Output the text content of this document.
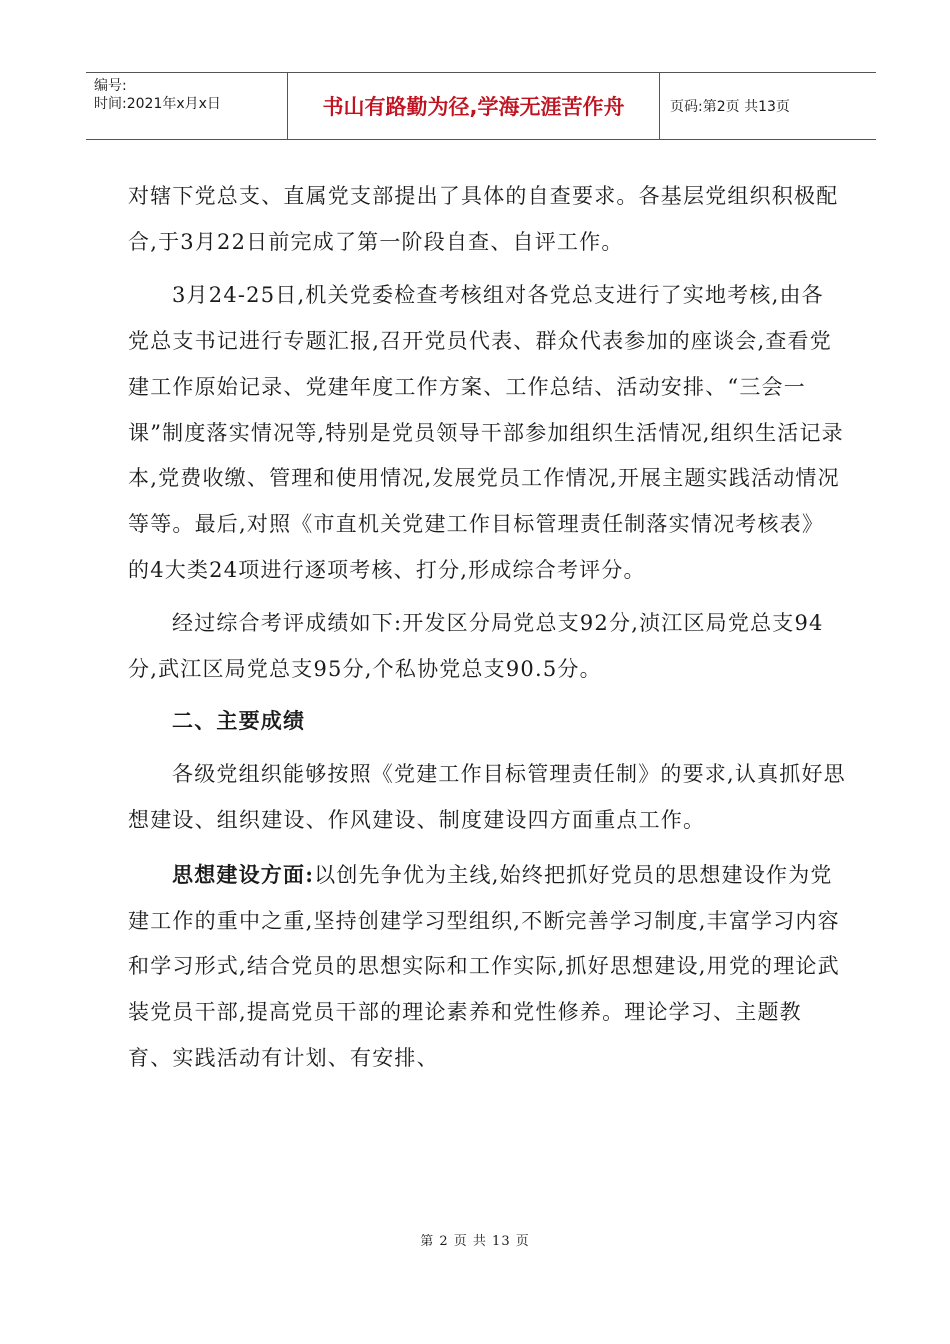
编号:
时间:2021年x月x日	书山有路勤为径,学海无涯苦作舟	页码:第2页 共13页

对辖下党总支、直属党支部提出了具体的自查要求。各基层党组织积极配合,于3月22日前完成了第一阶段自查、自评工作。

3月24-25日,机关党委检查考核组对各党总支进行了实地考核,由各党总支书记进行专题汇报,召开党员代表、群众代表参加的座谈会,查看党建工作原始记录、党建年度工作方案、工作总结、活动安排、“三会一课”制度落实情况等,特别是党员领导干部参加组织生活情况,组织生活记录本,党费收缴、管理和使用情况,发展党员工作情况,开展主题实践活动情况等等。最后,对照《市直机关党建工作目标管理责任制落实情况考核表》的4大类24项进行逐项考核、打分,形成综合考评分。

经过综合考评成绩如下:开发区分局党总支92分,浈江区局党总支94分,武江区局党总支95分,个私协党总支90.5分。

二、主要成绩

各级党组织能够按照《党建工作目标管理责任制》的要求,认真抓好思想建设、组织建设、作风建设、制度建设四方面重点工作。

思想建设方面:以创先争优为主线,始终把抓好党员的思想建设作为党建工作的重中之重,坚持创建学习型组织,不断完善学习制度,丰富学习内容和学习形式,结合党员的思想实际和工作实际,抓好思想建设,用党的理论武装党员干部,提高党员干部的理论素养和党性修养。理论学习、主题教育、实践活动有计划、有安排、

第 2 页 共 13 页
